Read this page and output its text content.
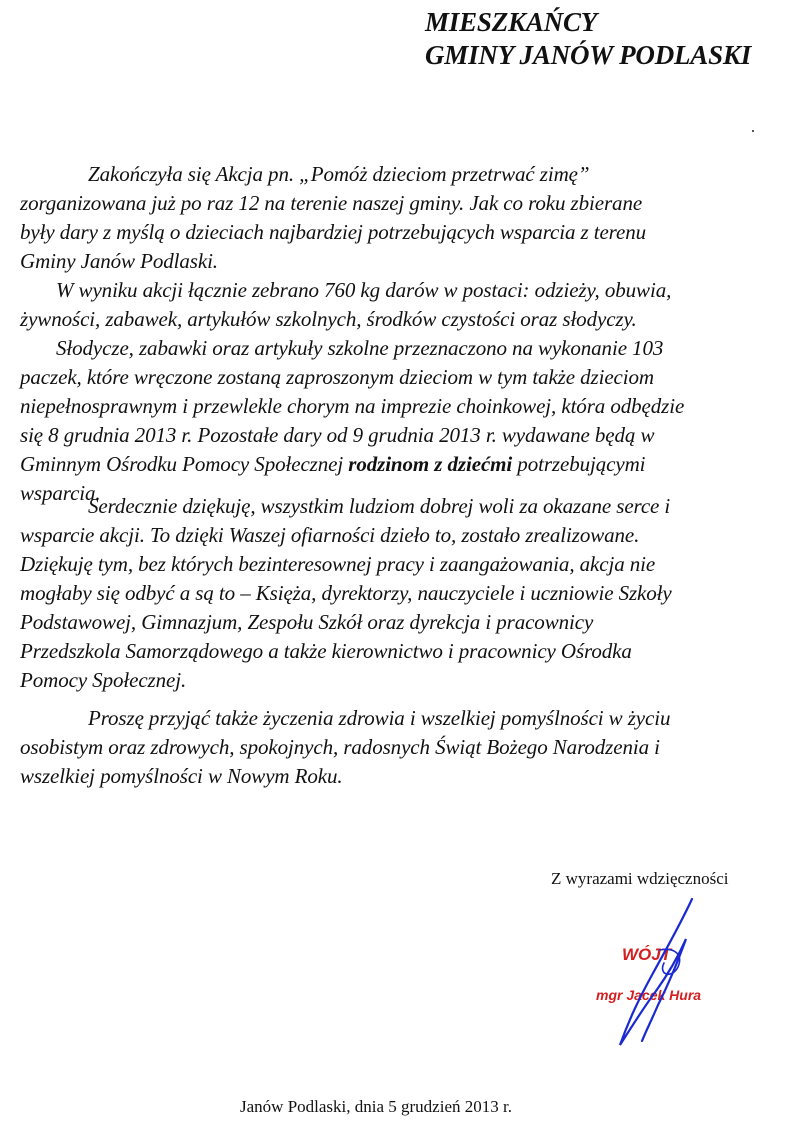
MIESZKAŃCY
GMINY JANÓW PODLASKI
Zakończyła się Akcja pn. „Pomóż dzieciom przetrwać zimę”
zorganizowana już po raz 12 na terenie naszej gminy. Jak co roku zbierane
były dary z myślą o dzieciach najbardziej potrzebujących wsparcia z terenu
Gminy Janów Podlaski.
W wyniku akcji łącznie zebrano 760 kg darów w postaci: odzieży, obuwia,
żywności, zabawek, artykułów szkolnych, środków czystości oraz słodyczy.
Słodycze, zabawki oraz artykuły szkolne przeznaczono na wykonanie 103
paczek, które wręczone zostaną zaproszonym dzieciom w tym także dzieciom
niepełnosprawnym i przewlekle chorym na imprezie choinkowej, która odbędzie
się 8 grudnia 2013 r. Pozostałe dary od 9 grudnia 2013 r. wydawane będą w
Gminnym Ośrodku Pomocy Społecznej rodzinom z dziećmi potrzebującymi
wsparcia.
Serdecznie dziękuję, wszystkim ludziom dobrej woli za okazane serce i
wsparcie akcji. To dzięki Waszej ofiarności dzieło to, zostało zrealizowane.
Dziękuję tym, bez których bezinteresownej pracy i zaangażowania, akcja nie
mogłaby się odbyć a są to – Księża, dyrektorzy, nauczyciele i uczniowie Szkoły
Podstawowej, Gimnazjum, Zespołu Szkół oraz dyrekcja i pracownicy
Przedszkola Samorządowego a także kierownictwo i pracownicy Ośrodka
Pomocy Społecznej.
Proszę przyjąć także życzenia zdrowia i wszelkiej pomyślności w życiu
osobistym oraz zdrowych, spokojnych, radosnych Świąt Bożego Narodzenia i
wszelkiej pomyślności w Nowym Roku.
Z wyrazami wdzięczności
WÓJT
mgr Jacek Hura
Janów Podlaski, dnia 5 grudzień 2013 r.
